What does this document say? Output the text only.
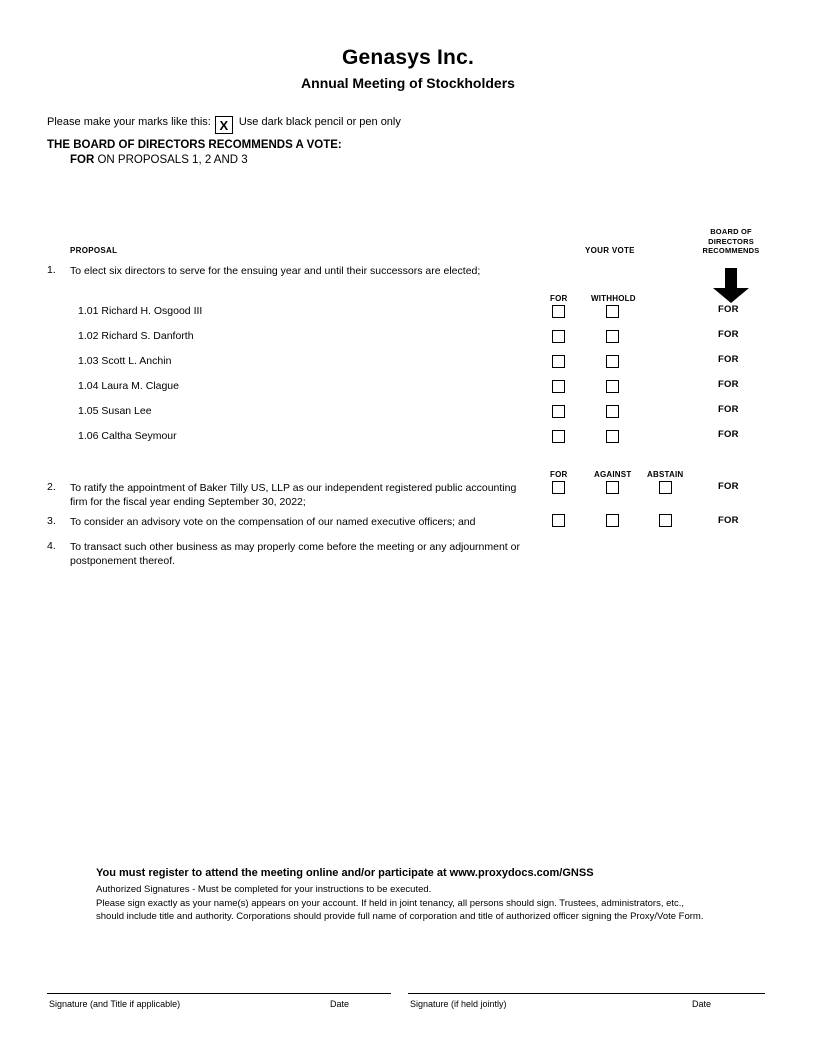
Genasys Inc.
Annual Meeting of Stockholders
Please make your marks like this: X Use dark black pencil or pen only
THE BOARD OF DIRECTORS RECOMMENDS A VOTE:
FOR ON PROPOSALS 1, 2 AND 3
PROPOSAL	YOUR VOTE
BOARD OF
DIRECTORS
RECOMMENDS
1. To elect six directors to serve for the ensuing year and until their successors are elected;
FOR	WITHHOLD
1.01 Richard H. Osgood III	FOR
1.02 Richard S. Danforth	FOR
1.03 Scott L. Anchin	FOR
1.04 Laura M. Clague	FOR
1.05 Susan Lee	FOR
1.06 Caltha Seymour	FOR
FOR	AGAINST ABSTAIN
2. To ratify the appointment of Baker Tilly US, LLP as our independent registered public accounting firm for the fiscal year ending September 30, 2022;
FOR
3. To consider an advisory vote on the compensation of our named executive officers; and	FOR
4. To transact such other business as may properly come before the meeting or any adjournment or postponement thereof.
You must register to attend the meeting online and/or participate at www.proxydocs.com/GNSS
Authorized Signatures - Must be completed for your instructions to be executed.
Please sign exactly as your name(s) appears on your account. If held in joint tenancy, all persons should sign. Trustees, administrators, etc., should include title and authority. Corporations should provide full name of corporation and title of authorized officer signing the Proxy/Vote Form.
Signature (and Title if applicable)	Date	Signature (if held jointly)	Date
